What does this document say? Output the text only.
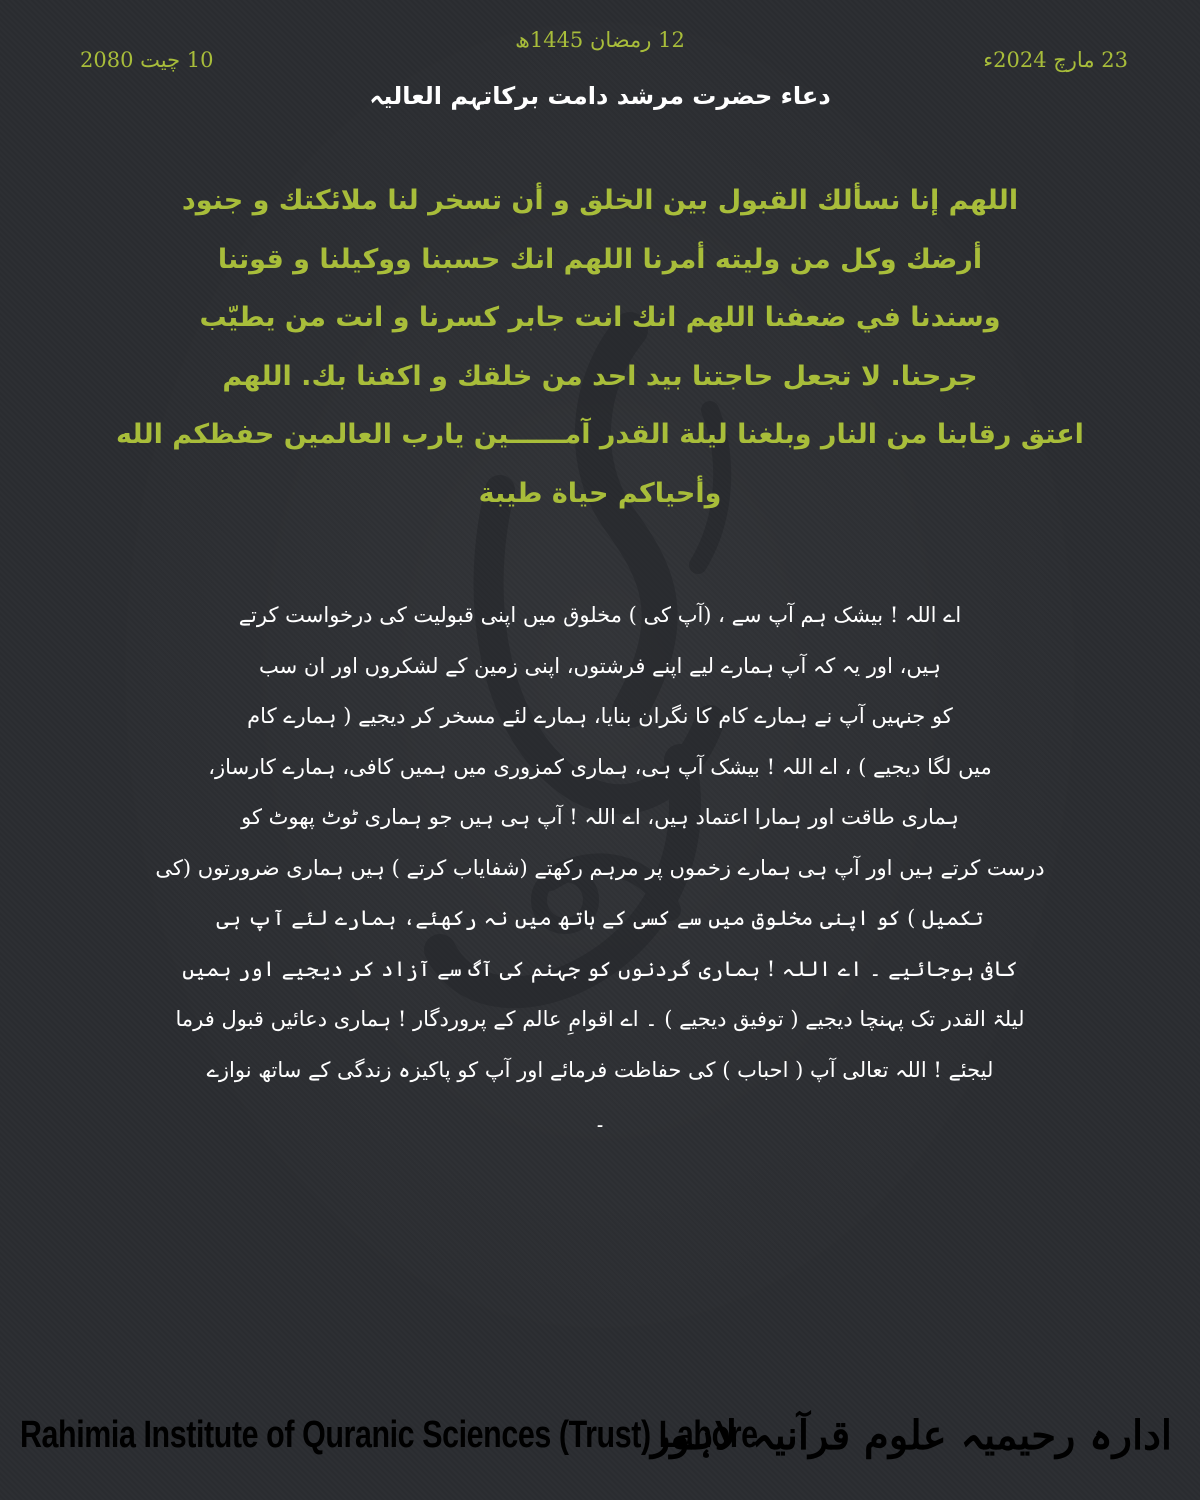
12 رمضان 1445ھ
23 مارچ 2024ء
10 چیت 2080
دعاء حضرت مرشد دامت برکاتہم العالیہ
اللهم إنا نسألك القبول بين الخلق و أن تسخر لنا ملائكتك و جنود
أرضك وكل من وليته أمرنا اللهم انك حسبنا ووكيلنا و قوتنا
وسندنا في ضعفنا اللهم انك انت جابر كسرنا و انت من يطيّب
جرحنا. لا تجعل حاجتنا بيد احد من خلقك و اكفنا بك. اللهم
اعتق رقابنا من النار وبلغنا ليلة القدر آمــــــين يارب العالمين حفظكم الله
وأحياكم حياة طيبة
اے اللہ ! بیشک ہم آپ سے ، (آپ کی ) مخلوق میں اپنی قبولیت کی درخواست کرتے
ہیں، اور یہ کہ آپ ہمارے لیے اپنے فرشتوں، اپنی زمین کے لشکروں اور ان سب
کو جنہیں آپ نے ہمارے کام کا نگران بنایا، ہمارے لئے مسخر کر دیجیے ( ہمارے کام
میں لگا دیجیے ) ، اے اللہ ! بیشک آپ ہی، ہماری کمزوری میں ہمیں کافی، ہمارے کارساز،
ہماری طاقت اور ہمارا اعتماد ہیں، اے اللہ ! آپ ہی ہیں جو ہماری ٹوٹ پھوٹ کو
درست کرتے ہیں اور آپ ہی ہمارے زخموں پر مرہم رکھتے (شفایاب کرتے ) ہیں ہماری ضرورتوں (کی
تکمیل ) کو اپنی مخلوق میں سے کسی کے ہاتھ میں نہ رکھئے، ہمارے لئے آپ ہی
کافی ہوجائیے ۔ اے اللہ ! ہماری گردنوں کو جہنم کی آگ سے آزاد کر دیجیے اور ہمیں
لیلۃ القدر تک پہنچا دیجیے ( توفیق دیجیے ) ۔ اے اقوامِ عالم کے پروردگار ! ہماری دعائیں قبول فرما
لیجئے ! اللہ تعالی آپ ( احباب ) کی حفاظت فرمائے اور آپ کو پاکیزہ زندگی کے ساتھ نوازے
۔
Rahimia Institute of Quranic Sciences (Trust) Lahore
ادارہ رحیمیہ علوم قرآنیہ لاہور
